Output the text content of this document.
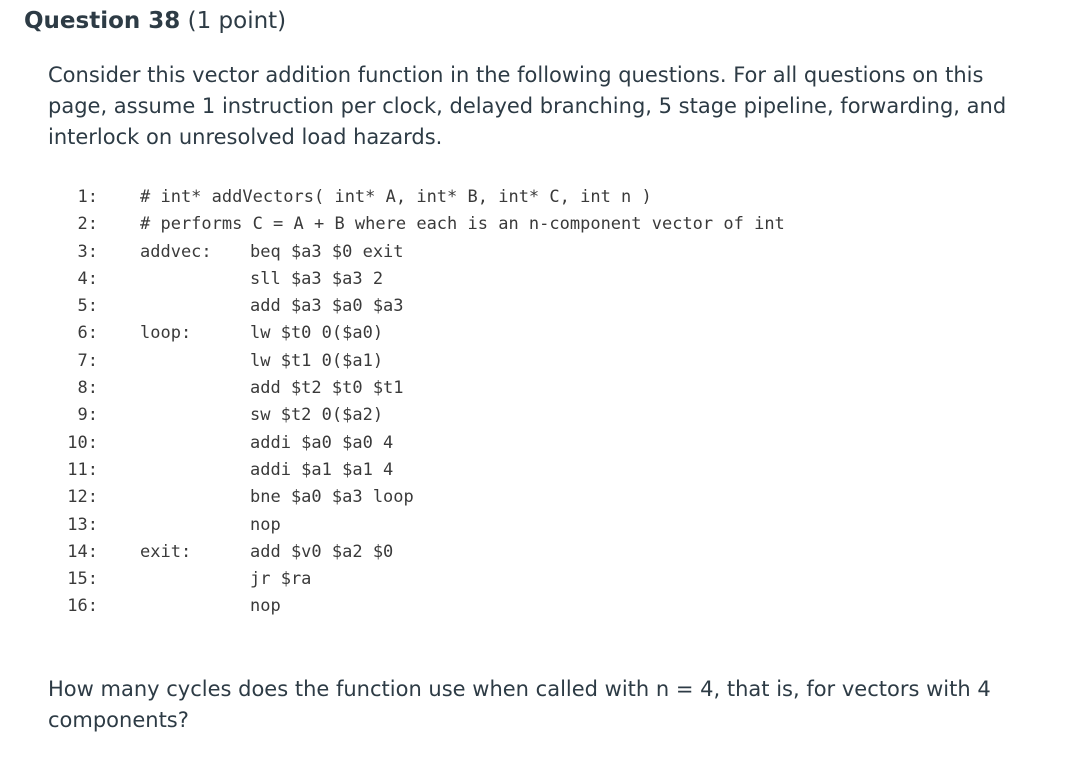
Question 38 (1 point)

Consider this vector addition function in the following questions. For all questions on this page, assume 1 instruction per clock, delayed branching, 5 stage pipeline, forwarding, and interlock on unresolved load hazards.

1: # int* addVectors( int* A, int* B, int* C, int n )
2: # performs C = A + B where each is an n-component vector of int
3: addvec: beq $a3 $0 exit
4:	sll $a3 $a3 2
5:	add $a3 $a0 $a3
6: loop:	lw $t0 0($a0)
7:	lw $t1 0($a1)
8:	add $t2 $t0 $t1
9:	sw $t2 0($a2)
10:	addi $a0 $a0 4
11:	addi $a1 $a1 4
12:	bne $a0 $a3 loop
13:	nop
14: exit:	add $v0 $a2 $0
15:	jr $ra
16:	nop

How many cycles does the function use when called with n = 4, that is, for vectors with 4 components?
